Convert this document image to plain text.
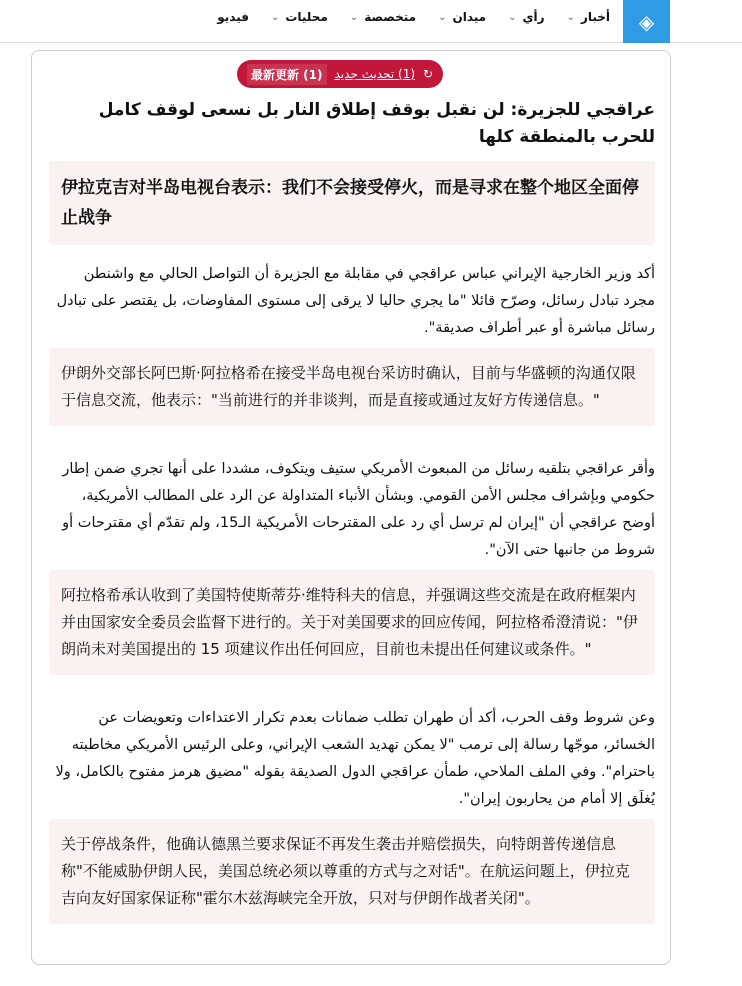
◈
أخبار
⌄
رأي
⌄
ميدان
⌄
متخصصة
⌄
محليات
⌄
فيديو
↻
(1) تحديث جديد
最新更新 (1)
عراقجي للجزيرة: لن نقبل بوقف إطلاق النار بل نسعى لوقف كامل للحرب بالمنطقة كلها
伊拉克吉对半岛电视台表示：我们不会接受停火，而是寻求在整个地区全面停止战争

أكد وزير الخارجية الإيراني عباس عراقجي في مقابلة مع الجزيرة أن التواصل الحالي مع واشنطن مجرد تبادل رسائل، وصرّح قائلا "ما يجري حاليا لا يرقى إلى مستوى المفاوضات، بل يقتصر على تبادل رسائل مباشرة أو عبر أطراف صديقة".

伊朗外交部长阿巴斯·阿拉格希在接受半岛电视台采访时确认，目前与华盛顿的沟通仅限于信息交流，他表示："当前进行的并非谈判，而是直接或通过友好方传递信息。"

وأقر عراقجي بتلقيه رسائل من المبعوث الأمريكي ستيف ويتكوف، مشددا على أنها تجري ضمن إطار حكومي وبإشراف مجلس الأمن القومي. وبشأن الأنباء المتداولة عن الرد على المطالب الأمريكية، أوضح عراقجي أن "إيران لم ترسل أي رد على المقترحات الأمريكية الـ15، ولم تقدّم أي مقترحات أو شروط من جانبها حتى الآن".

阿拉格希承认收到了美国特使斯蒂芬·维特科夫的信息，并强调这些交流是在政府框架内并由国家安全委员会监督下进行的。关于对美国要求的回应传闻，阿拉格希澄清说："伊朗尚未对美国提出的 15 项建议作出任何回应，目前也未提出任何建议或条件。"

وعن شروط وقف الحرب، أكد أن طهران تطلب ضمانات بعدم تكرار الاعتداءات وتعويضات عن الخسائر، موجّها رسالة إلى ترمب "لا يمكن تهديد الشعب الإيراني، وعلى الرئيس الأمريكي مخاطبته باحترام". وفي الملف الملاحي، طمأن عراقجي الدول الصديقة بقوله "مضيق هرمز مفتوح بالكامل، ولا يُغلَق إلا أمام من يحاربون إيران".

关于停战条件，他确认德黑兰要求保证不再发生袭击并赔偿损失，向特朗普传递信息称"不能威胁伊朗人民，美国总统必须以尊重的方式与之对话"。在航运问题上，伊拉克吉向友好国家保证称"霍尔木兹海峡完全开放，只对与伊朗作战者关闭"。
